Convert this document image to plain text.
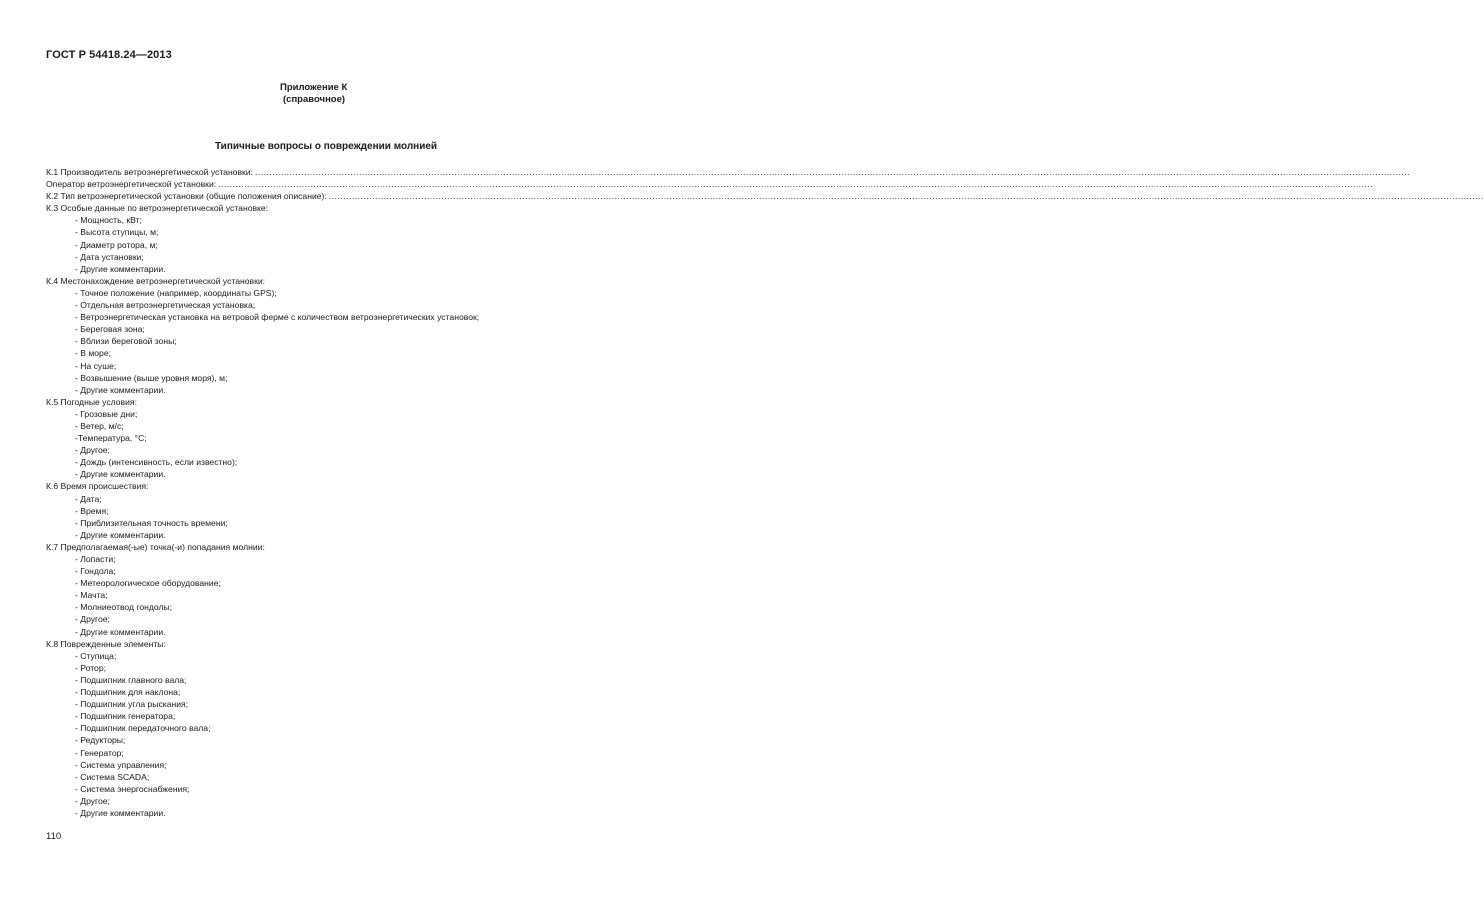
ГОСТ Р 54418.24—2013
Приложение К
(справочное)
Типичные вопросы о повреждении молнией
К.1 Производитель ветроэнергетической установки: ................................................................................................................................................................................................................................................................................................................................................................................................................
Оператор ветроэнергетической установки: ................................................................................................................................................................................................................................................................................................................................................................................................................
К.2 Тип ветроэнергетической установки (общие положения описание): ................................................................................................................................................................................................................................................................................................................................................................................................................
К.3 Особые данные по ветроэнергетической установке:
- Мощность, кВт;
- Высота ступицы, м;
- Диаметр ротора, м;
- Дата установки;
- Другие комментарии.
К.4 Местонахождение ветроэнергетической установки:
- Точное положение (например, координаты GPS);
- Отдельная ветроэнергетическая установка;
- Ветроэнергетическая установка на ветровой ферме с количеством ветроэнергетических установок;
- Береговая зона;
- Вблизи береговой зоны;
- В море;
- На суше;
- Возвышение (выше уровня моря), м;
- Другие комментарии.
К.5 Погодные условия:
- Грозовые дни;
- Ветер, м/с;
-Температура, °С;
- Другое;
- Дождь (интенсивность, если известно);
- Другие комментарии.
К.6 Время происшествия:
- Дата;
- Время;
- Приблизительная точность времени;
- Другие комментарии.
К.7 Предполагаемая(-ые) точка(-и) попадания молнии:
- Лопасти;
- Гондола;
- Метеорологическое оборудование;
- Мачта;
- Молниеотвод гондолы;
- Другое;
- Другие комментарии.
К.8 Поврежденные элементы:
- Ступица;
- Ротор;
- Подшипник главного вала;
- Подшипник для наклона;
- Подшипник угла рыскания;
- Подшипник генератора;
- Подшипник передаточного вала;
- Редукторы;
- Генератор;
- Система управления;
- Система SCADA;
- Система энергоснабжения;
- Другое;
- Другие комментарии.
110
